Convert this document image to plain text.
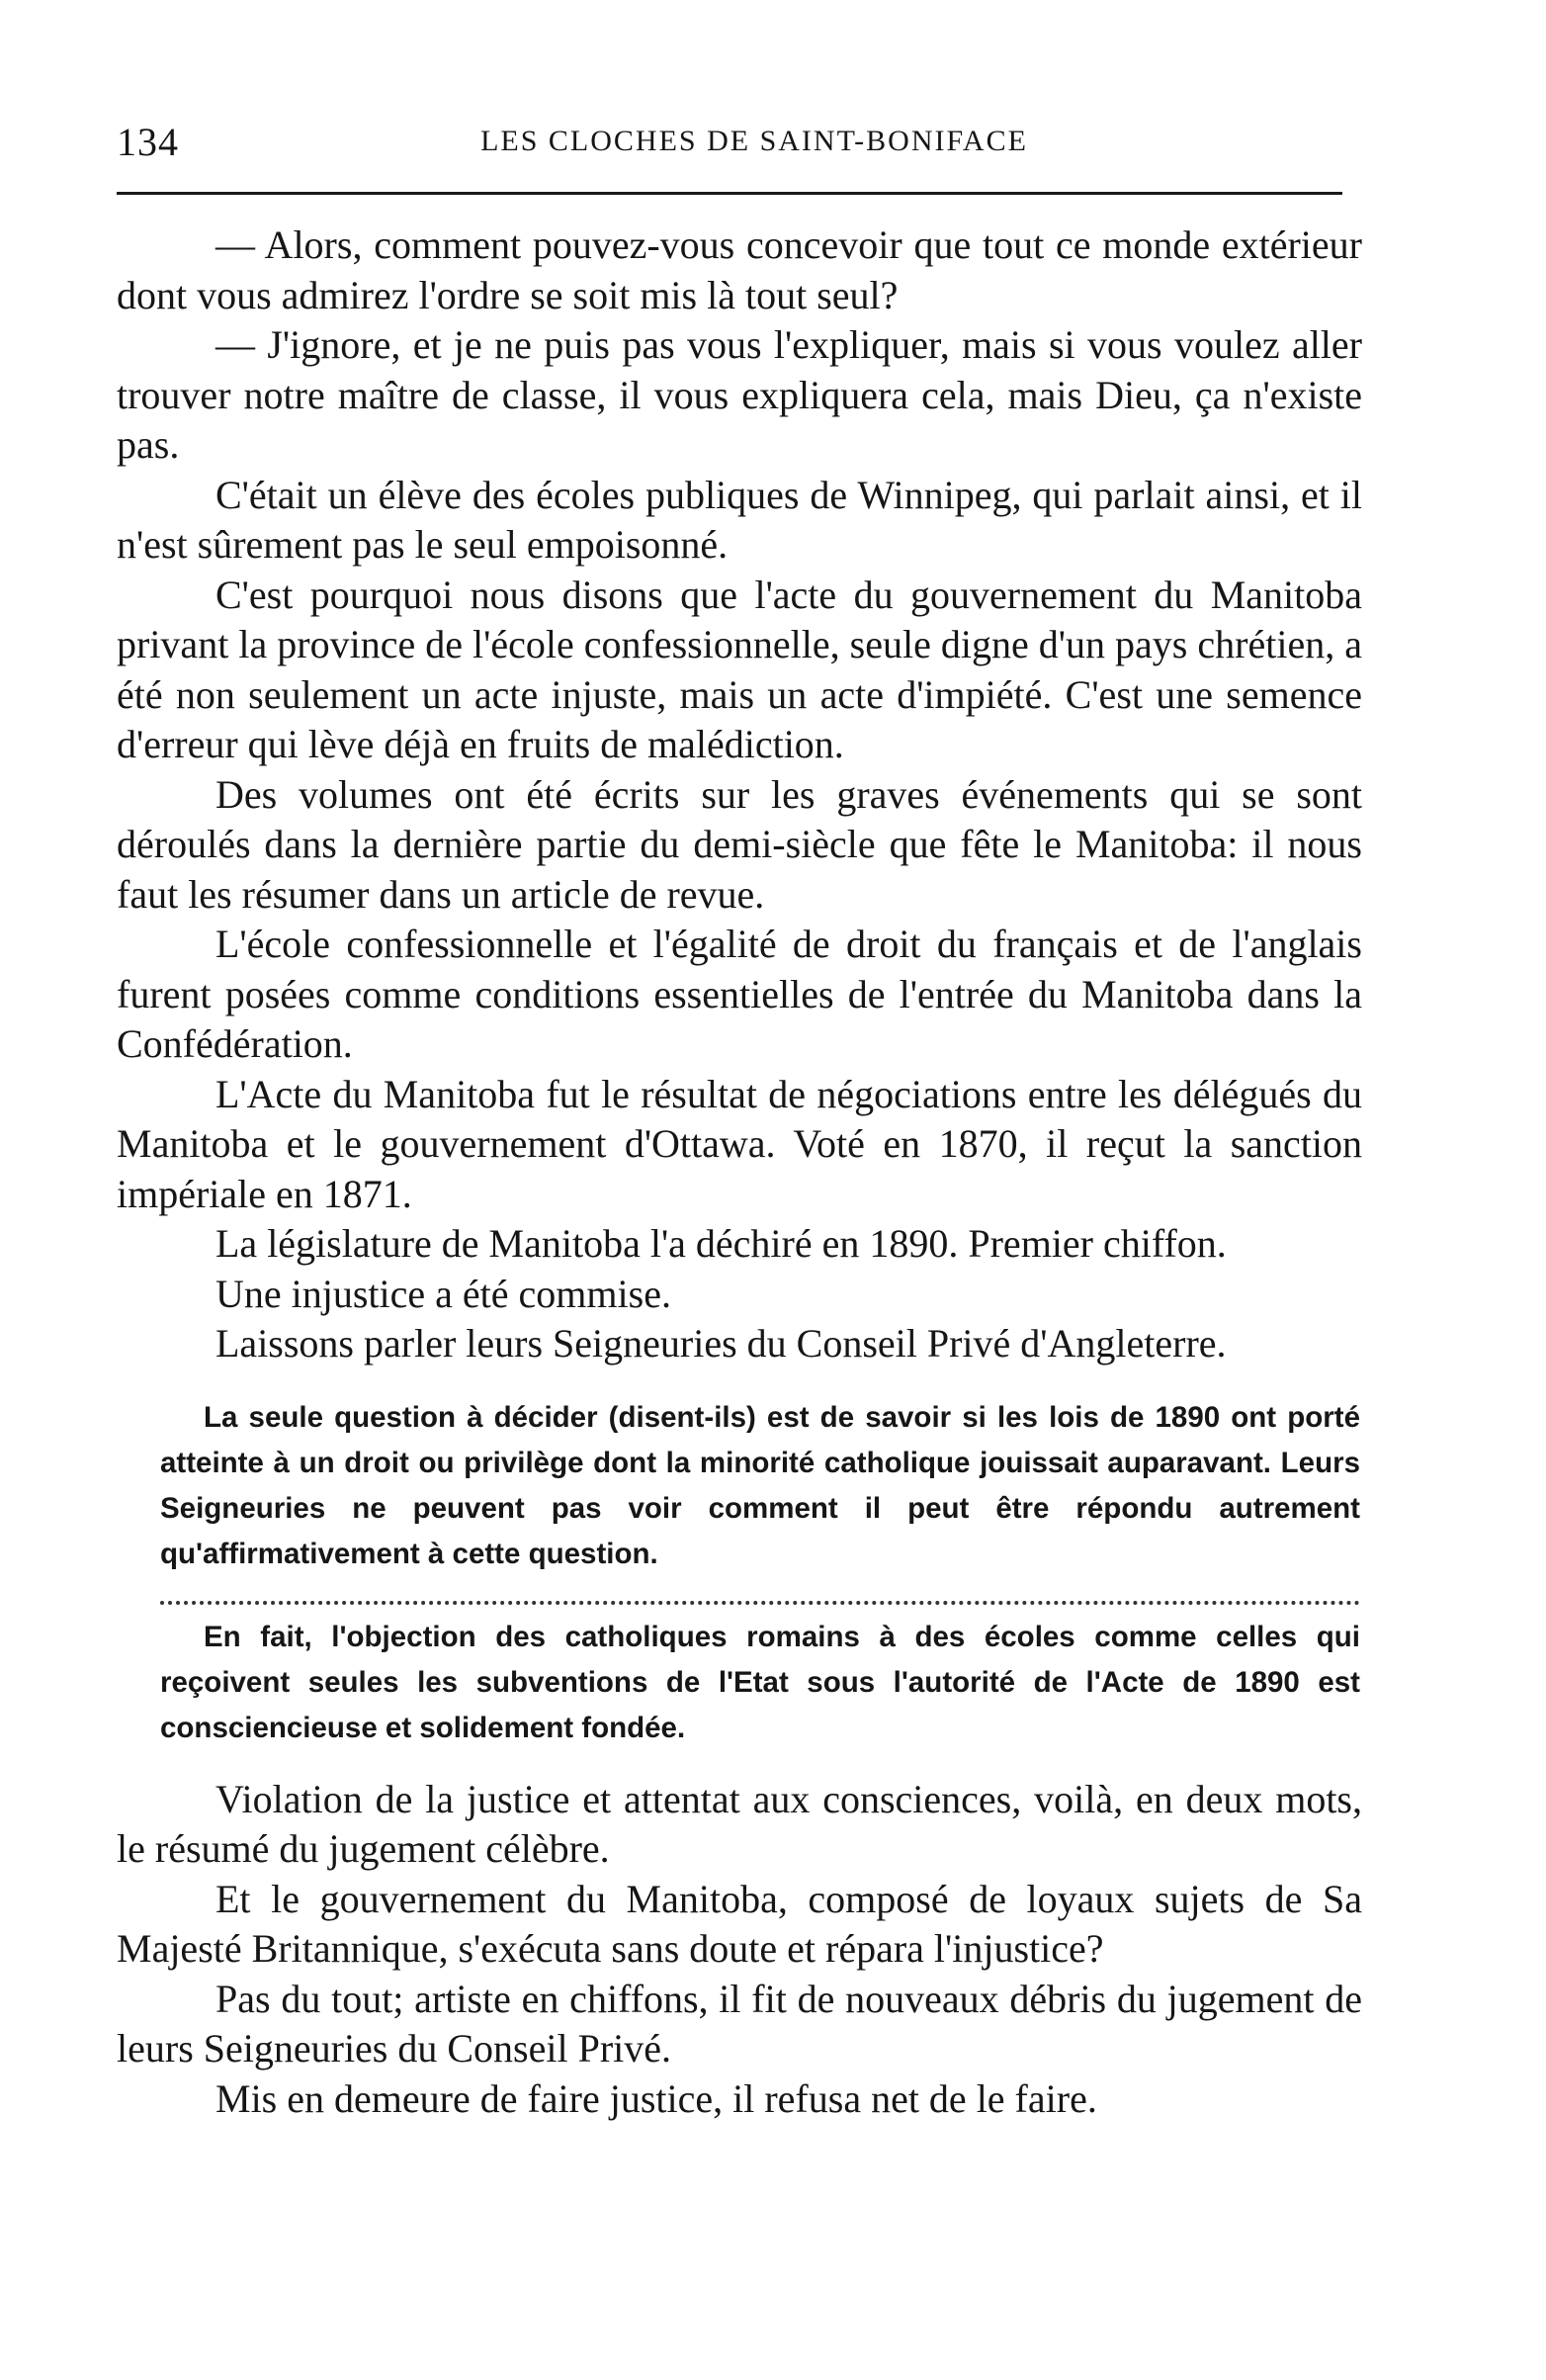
134	LES CLOCHES DE SAINT-BONIFACE

— Alors, comment pouvez-vous concevoir que tout ce monde extérieur dont vous admirez l'ordre se soit mis là tout seul?

— J'ignore, et je ne puis pas vous l'expliquer, mais si vous voulez aller trouver notre maître de classe, il vous expliquera cela, mais Dieu, ça n'existe pas.

C'était un élève des écoles publiques de Winnipeg, qui parlait ainsi, et il n'est sûrement pas le seul empoisonné.

C'est pourquoi nous disons que l'acte du gouvernement du Manitoba privant la province de l'école confessionnelle, seule digne d'un pays chrétien, a été non seulement un acte injuste, mais un acte d'impiété. C'est une semence d'erreur qui lève déjà en fruits de malédiction.

Des volumes ont été écrits sur les graves événements qui se sont déroulés dans la dernière partie du demi-siècle que fête le Manitoba: il nous faut les résumer dans un article de revue.

L'école confessionnelle et l'égalité de droit du français et de l'anglais furent posées comme conditions essentielles de l'entrée du Manitoba dans la Confédération.

L'Acte du Manitoba fut le résultat de négociations entre les délégués du Manitoba et le gouvernement d'Ottawa. Voté en 1870, il reçut la sanction impériale en 1871.

La législature de Manitoba l'a déchiré en 1890. Premier chiffon.

Une injustice a été commise.

Laissons parler leurs Seigneuries du Conseil Privé d'Angleterre.

La seule question à décider (disent-ils) est de savoir si les lois de 1890 ont porté atteinte à un droit ou privilège dont la minorité catholique jouissait auparavant. Leurs Seigneuries ne peuvent pas voir comment il peut être répondu autrement qu'affirmativement à cette question.

En fait, l'objection des catholiques romains à des écoles comme celles qui reçoivent seules les subventions de l'Etat sous l'autorité de l'Acte de 1890 est consciencieuse et solidement fondée.

Violation de la justice et attentat aux consciences, voilà, en deux mots, le résumé du jugement célèbre.

Et le gouvernement du Manitoba, composé de loyaux sujets de Sa Majesté Britannique, s'exécuta sans doute et répara l'injustice?

Pas du tout; artiste en chiffons, il fit de nouveaux débris du jugement de leurs Seigneuries du Conseil Privé.

Mis en demeure de faire justice, il refusa net de le faire.
